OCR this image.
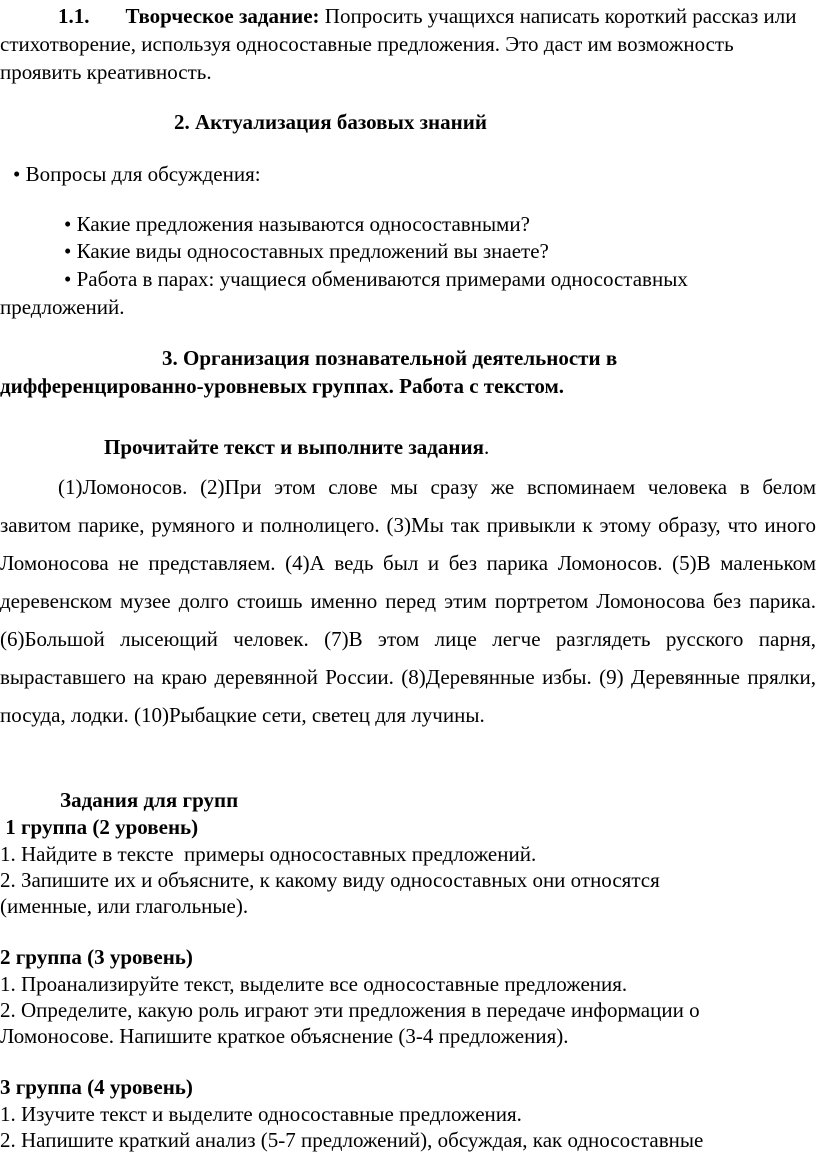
1.1. Творческое задание: Попросить учащихся написать короткий рассказ или стихотворение, используя односоставные предложения. Это даст им возможность проявить креативность.

2. Актуализация базовых знаний

• Вопросы для обсуждения:

• Какие предложения называются односоставными?

• Какие виды односоставных предложений вы знаете?

• Работа в парах: учащиеся обмениваются примерами односоставных

предложений.

3. Организация познавательной деятельности в

дифференцированно-уровневых группах. Работа с текстом.

Прочитайте текст и выполните задания.

(1)Ломоносов. (2)При этом слове мы сразу же вспоминаем человека в белом завитом парике, румяного и полнолицего. (3)Мы так привыкли к этому образу, что иного Ломоносова не представляем. (4)А ведь был и без парика Ломоносов. (5)В маленьком деревенском музее долго стоишь именно перед этим портретом Ломоносова без парика. (6)Большой лысеющий человек. (7)В этом лице легче разглядеть русского парня, выраставшего на краю деревянной России. (8)Деревянные избы. (9) Деревянные прялки, посуда, лодки. (10)Рыбацкие сети, светец для лучины.

Задания для групп

1 группа (2 уровень)

1. Найдите в тексте  примеры односоставных предложений.

2. Запишите их и объясните, к какому виду односоставных они относятся

(именные, или глагольные).

2 группа (3 уровень)

1. Проанализируйте текст, выделите все односоставные предложения.

2. Определите, какую роль играют эти предложения в передаче информации о

Ломоносове. Напишите краткое объяснение (3-4 предложения).

3 группа (4 уровень)

1. Изучите текст и выделите односоставные предложения.

2. Напишите краткий анализ (5-7 предложений), обсуждая, как односоставные
